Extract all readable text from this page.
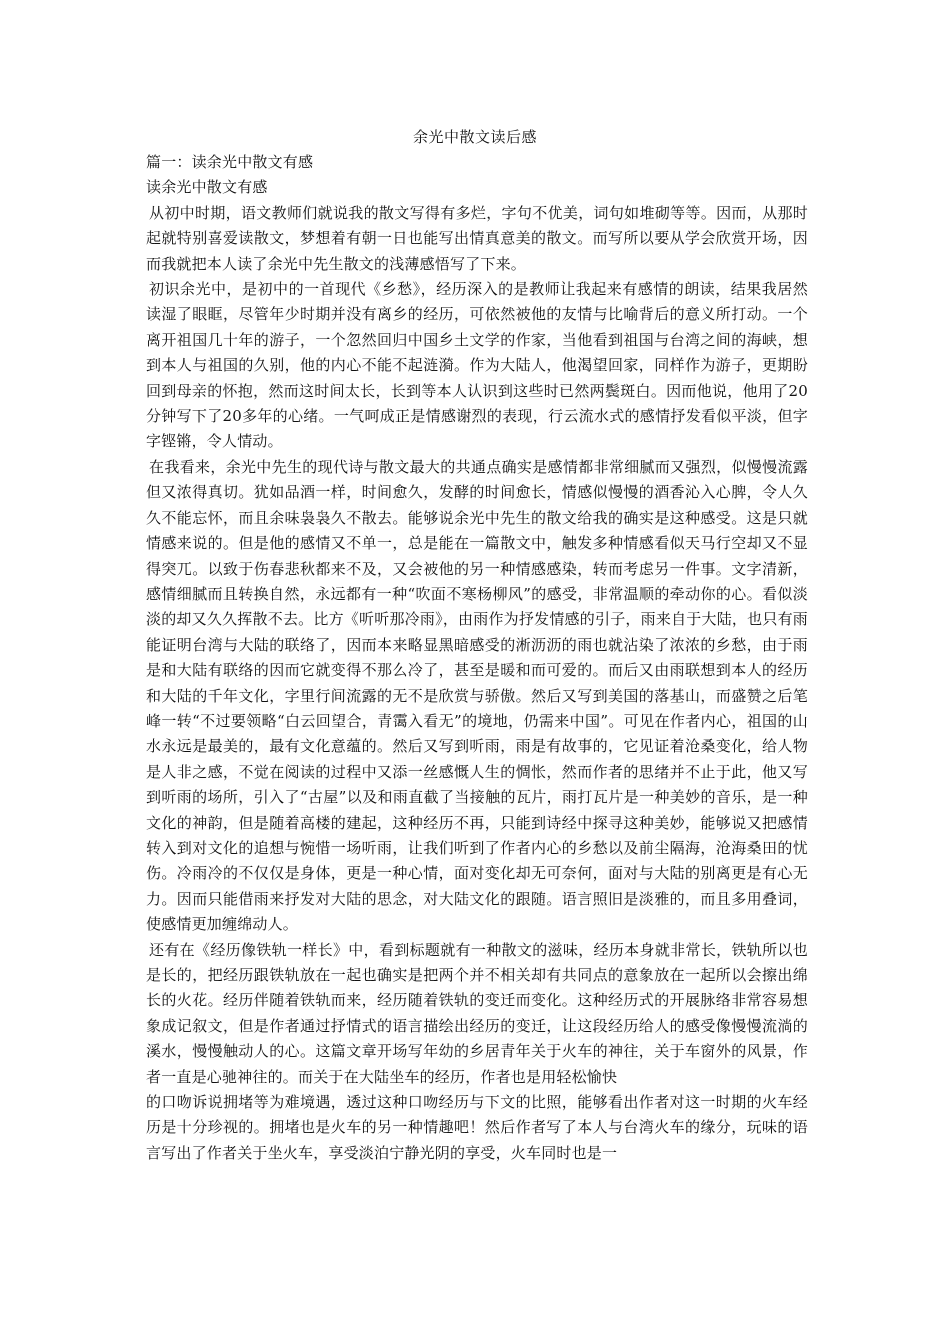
余光中散文读后感

篇一：读余光中散文有感

读余光中散文有感

从初中时期，语文教师们就说我的散文写得有多烂，字句不优美，词句如堆砌等等。因而，从那时起就特别喜爱读散文，梦想着有朝一日也能写出情真意美的散文。而写所以要从学会欣赏开场，因而我就把本人读了余光中先生散文的浅薄感悟写了下来。

初识余光中，是初中的一首现代《乡愁》，经历深入的是教师让我起来有感情的朗读，结果我居然读湿了眼眶，尽管年少时期并没有离乡的经历，可依然被他的友情与比喻背后的意义所打动。一个离开祖国几十年的游子，一个忽然回归中国乡土文学的作家，当他看到祖国与台湾之间的海峡，想到本人与祖国的久别，他的内心不能不起涟漪。作为大陆人，他渴望回家，同样作为游子，更期盼回到母亲的怀抱，然而这时间太长，长到等本人认识到这些时已然两鬓斑白。因而他说，他用了20分钟写下了20多年的心绪。一气呵成正是情感谢烈的表现，行云流水式的感情抒发看似平淡，但字字铿锵，令人情动。

在我看来，余光中先生的现代诗与散文最大的共通点确实是感情都非常细腻而又强烈，似慢慢流露但又浓得真切。犹如品酒一样，时间愈久，发酵的时间愈长，情感似慢慢的酒香沁入心脾，令人久久不能忘怀，而且余味袅袅久不散去。能够说余光中先生的散文给我的确实是这种感受。这是只就情感来说的。但是他的感情又不单一，总是能在一篇散文中，触发多种情感看似天马行空却又不显得突兀。以致于伤春悲秋都来不及，又会被他的另一种情感感染，转而考虑另一件事。文字清新，感情细腻而且转换自然，永远都有一种“吹面不寒杨柳风”的感受，非常温顺的牵动你的心。看似淡淡的却又久久挥散不去。比方《听听那冷雨》，由雨作为抒发情感的引子，雨来自于大陆，也只有雨能证明台湾与大陆的联络了，因而本来略显黑暗感受的淅沥沥的雨也就沾染了浓浓的乡愁，由于雨是和大陆有联络的因而它就变得不那么冷了，甚至是暖和而可爱的。而后又由雨联想到本人的经历和大陆的千年文化，字里行间流露的无不是欣赏与骄傲。然后又写到美国的落基山，而盛赞之后笔峰一转“不过要领略“白云回望合，青霭入看无”的境地，仍需来中国”。可见在作者内心，祖国的山水永远是最美的，最有文化意蕴的。然后又写到听雨，雨是有故事的，它见证着沧桑变化，给人物是人非之感，不觉在阅读的过程中又添一丝感慨人生的惆怅，然而作者的思绪并不止于此，他又写到听雨的场所，引入了“古屋”以及和雨直截了当接触的瓦片，雨打瓦片是一种美妙的音乐，是一种文化的神韵，但是随着高楼的建起，这种经历不再，只能到诗经中探寻这种美妙，能够说又把感情转入到对文化的追想与惋惜一场听雨，让我们听到了作者内心的乡愁以及前尘隔海，沧海桑田的忧伤。冷雨冷的不仅仅是身体，更是一种心情，面对变化却无可奈何，面对与大陆的别离更是有心无力。因而只能借雨来抒发对大陆的思念，对大陆文化的跟随。语言照旧是淡雅的，而且多用叠词，使感情更加缠绵动人。

还有在《经历像铁轨一样长》中，看到标题就有一种散文的滋味，经历本身就非常长，铁轨所以也是长的，把经历跟铁轨放在一起也确实是把两个并不相关却有共同点的意象放在一起所以会擦出绵长的火花。经历伴随着铁轨而来，经历随着铁轨的变迁而变化。这种经历式的开展脉络非常容易想象成记叙文，但是作者通过抒情式的语言描绘出经历的变迁，让这段经历给人的感受像慢慢流淌的溪水，慢慢触动人的心。这篇文章开场写年幼的乡居青年关于火车的神往，关于车窗外的风景，作者一直是心驰神往的。而关于在大陆坐车的经历，作者也是用轻松愉快

的口吻诉说拥堵等为难境遇，透过这种口吻经历与下文的比照，能够看出作者对这一时期的火车经历是十分珍视的。拥堵也是火车的另一种情趣吧！然后作者写了本人与台湾火车的缘分，玩味的语言写出了作者关于坐火车，享受淡泊宁静光阴的享受，火车同时也是一
